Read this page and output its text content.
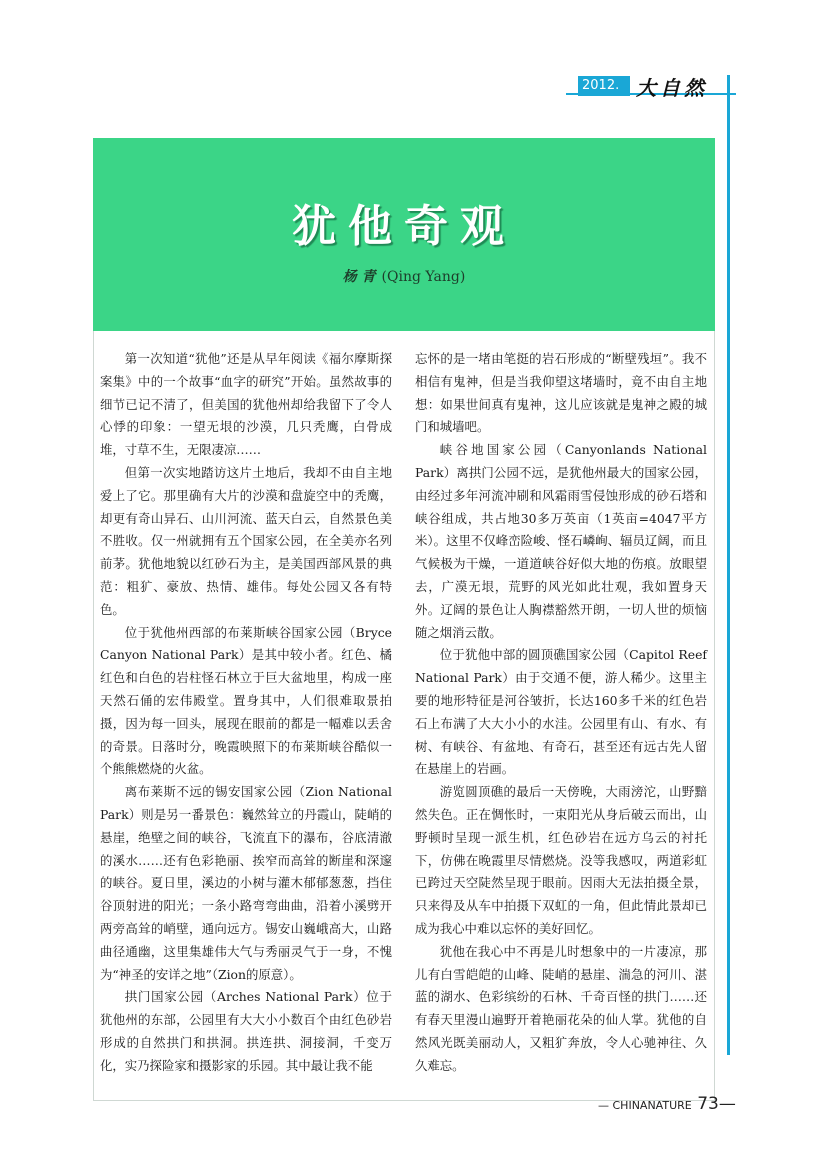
2012. 大自然
犹他奇观
杨 青 (Qing Yang)

第一次知道“犹他”还是从早年阅读《福尔摩斯探案集》中的一个故事“血字的研究”开始。虽然故事的细节已记不清了，但美国的犹他州却给我留下了令人心悸的印象：一望无垠的沙漠，几只秃鹰，白骨成堆，寸草不生，无限凄凉……

但第一次实地踏访这片土地后，我却不由自主地爱上了它。那里确有大片的沙漠和盘旋空中的秃鹰，却更有奇山异石、山川河流、蓝天白云，自然景色美不胜收。仅一州就拥有五个国家公园，在全美亦名列前茅。犹他地貌以红砂石为主，是美国西部风景的典范：粗犷、豪放、热情、雄伟。每处公园又各有特色。

位于犹他州西部的布莱斯峡谷国家公园（Bryce Canyon National Park）是其中较小者。红色、橘红色和白色的岩柱怪石林立于巨大盆地里，构成一座天然石俑的宏伟殿堂。置身其中，人们很难取景拍摄，因为每一回头，展现在眼前的都是一幅难以丢舍的奇景。日落时分，晚霞映照下的布莱斯峡谷酷似一个熊熊燃烧的火盆。

离布莱斯不远的锡安国家公园（Zion National Park）则是另一番景色：巍然耸立的丹霞山，陡峭的悬崖，绝壁之间的峡谷，飞流直下的瀑布，谷底清澈的溪水……还有色彩艳丽、挨窄而高耸的断崖和深邃的峡谷。夏日里，溪边的小树与灌木郁郁葱葱，挡住谷顶射进的阳光；一条小路弯弯曲曲，沿着小溪劈开两旁高耸的峭壁，通向远方。锡安山巍峨高大，山路曲径通幽，这里集雄伟大气与秀丽灵气于一身，不愧为“神圣的安详之地”（Zion的原意）。

拱门国家公园（Arches National Park）位于犹他州的东部，公园里有大大小小数百个由红色砂岩形成的自然拱门和拱洞。拱连拱、洞接洞，千变万化，实乃探险家和摄影家的乐园。其中最让我不能

忘怀的是一堵由笔挺的岩石形成的“断壁残垣”。我不相信有鬼神，但是当我仰望这堵墙时，竟不由自主地想：如果世间真有鬼神，这儿应该就是鬼神之殿的城门和城墙吧。

峡谷地国家公园（Canyonlands National Park）离拱门公园不远，是犹他州最大的国家公园，由经过多年河流冲刷和风霜雨雪侵蚀形成的砂石塔和峡谷组成，共占地30多万英亩（1英亩=4047平方米）。这里不仅峰峦险峻、怪石嶙峋、辐员辽阔，而且气候极为干燥，一道道峡谷好似大地的伤痕。放眼望去，广漠无垠，荒野的风光如此壮观，我如置身天外。辽阔的景色让人胸襟豁然开朗，一切人世的烦恼随之烟消云散。

位于犹他中部的圆顶礁国家公园（Capitol Reef National Park）由于交通不便，游人稀少。这里主要的地形特征是河谷皱折，长达160多千米的红色岩石上布满了大大小小的水洼。公园里有山、有水、有树、有峡谷、有盆地、有奇石，甚至还有远古先人留在悬崖上的岩画。

游览圆顶礁的最后一天傍晚，大雨滂沱，山野黯然失色。正在惆怅时，一束阳光从身后破云而出，山野顿时呈现一派生机，红色砂岩在远方乌云的衬托下，仿佛在晚霞里尽情燃烧。没等我感叹，两道彩虹已跨过天空陡然呈现于眼前。因雨大无法拍摄全景，只来得及从车中拍摄下双虹的一角，但此情此景却已成为我心中难以忘怀的美好回忆。

犹他在我心中不再是儿时想象中的一片凄凉，那儿有白雪皑皑的山峰、陡峭的悬崖、湍急的河川、湛蓝的湖水、色彩缤纷的石林、千奇百怪的拱门……还有春天里漫山遍野开着艳丽花朵的仙人掌。犹他的自然风光既美丽动人，又粗犷奔放，令人心驰神往、久久难忘。

— CHINANATURE 73—
